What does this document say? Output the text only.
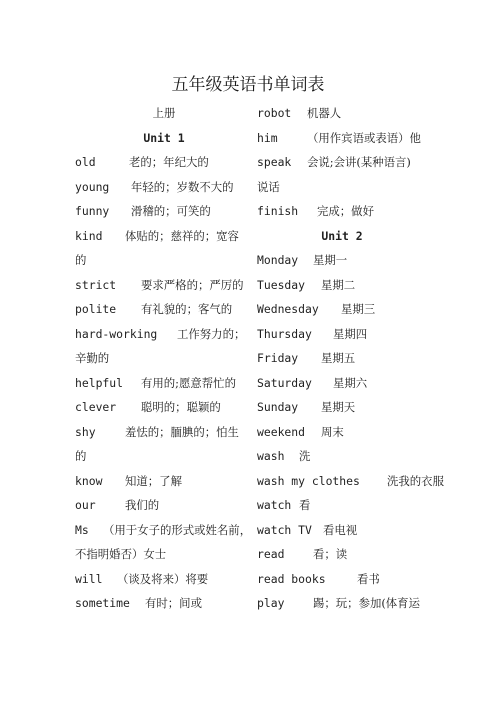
五年级英语书单词表
上册
Unit 1
old	老的；年纪大的
young 年轻的；岁数不大的
funny 滑稽的；可笑的
kind 体贴的；慈祥的；宽容
的
strict 要求严格的；严厉的
polite 有礼貌的；客气的
hard-working 工作努力的；
辛勤的
helpful 有用的;愿意帮忙的
clever 聪明的；聪颖的
shy	羞怯的；腼腆的；怕生
的
know 知道；了解
our	我们的
Ms （用于女子的形式或姓名前，
不指明婚否）女士
will （谈及将来）将要
sometime 有时；间或
robot 机器人
him	（用作宾语或表语）他
speak 会说;会讲(某种语言)
说话
finish 完成；做好
Unit 2
Monday 星期一
Tuesday 星期二
Wednesday 星期三
Thursday 星期四
Friday 星期五
Saturday 星期六
Sunday 星期天
weekend 周末
wash 洗
wash my clothes 洗我的衣服
watch 看
watch TV 看电视
read	看；读
read books	看书
play	踢；玩；参加(体育运
